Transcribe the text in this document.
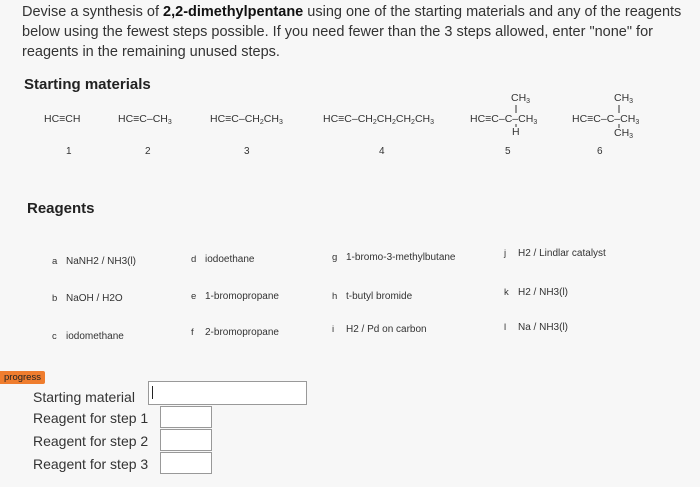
Devise a synthesis of 2,2-dimethylpentane using one of the starting materials and any of the reagents below using the fewest steps possible. If you need fewer than the 3 steps allowed, enter "none" for reagents in the remaining unused steps.
Starting materials
HC≡CH	HC≡C–CH3	HC≡C–CH2CH3	HC≡C–CH2CH2CH2CH3
CH3
HC≡C–C–CH3
H
CH3
HC≡C–C–CH3
CH3
1	2	3	4	5	6
Reagents
a NaNH2 / NH3(l)
b NaOH / H2O
c iodomethane
d iodoethane
e 1-bromopropane
f 2-bromopropane
g 1-bromo-3-methylbutane
h t-butyl bromide
i H2 / Pd on carbon
j H2 / Lindlar catalyst
k H2 / NH3(l)
l Na / NH3(l)
progress
Starting material
Reagent for step 1
Reagent for step 2
Reagent for step 3
